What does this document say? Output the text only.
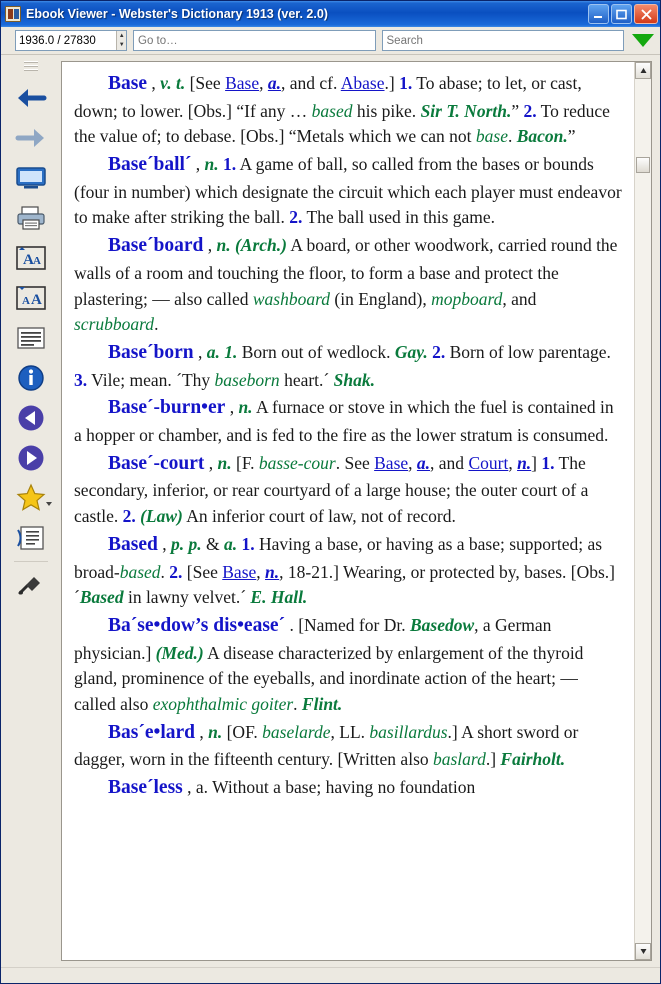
Ebook Viewer - Webster's Dictionary 1913 (ver. 2.0)
1936.0 / 27830
▲
▼
Go to…
Search
A A
A A

Base , v. t. [See Base, a., and cf. Abase.] 1. To abase; to let, or cast, down; to lower. [Obs.] “If any … based his pike. Sir T. North.” 2. To reduce the value of; to debase. [Obs.] “Metals which we can not base. Bacon.”

Base´ball´ , n. 1. A game of ball, so called from the bases or bounds (four in number) which designate the circuit which each player must endeavor to make after striking the ball. 2. The ball used in this game.

Base´board , n. (Arch.) A board, or other woodwork, carried round the walls of a room and touching the floor, to form a base and protect the plastering; — also called washboard (in England), mopboard, and scrubboard.

Base´born , a. 1. Born out of wedlock. Gay. 2. Born of low parentage. 3. Vile; mean. ´Thy baseborn heart.´ Shak.

Base´-burn•er , n. A furnace or stove in which the fuel is contained in a hopper or chamber, and is fed to the fire as the lower stratum is consumed.

Base´-court , n. [F. basse-cour. See Base, a., and Court, n.] 1. The secondary, inferior, or rear courtyard of a large house; the outer court of a castle. 2. (Law) An inferior court of law, not of record.

Based , p. p. & a. 1. Having a base, or having as a base; supported; as broad-based. 2. [See Base, n., 18-21.] Wearing, or protected by, bases. [Obs.] ´Based in lawny velvet.´ E. Hall.

Ba´se•dow’s dis•ease´ . [Named for Dr. Basedow, a German physician.] (Med.) A disease characterized by enlargement of the thyroid gland, prominence of the eyeballs, and inordinate action of the heart; — called also exophthalmic goiter. Flint.

Bas´e•lard , n. [OF. baselarde, LL. basillardus.] A short sword or dagger, worn in the fifteenth century. [Written also baslard.] Fairholt.

Base´less , a. Without a base; having no foundation
